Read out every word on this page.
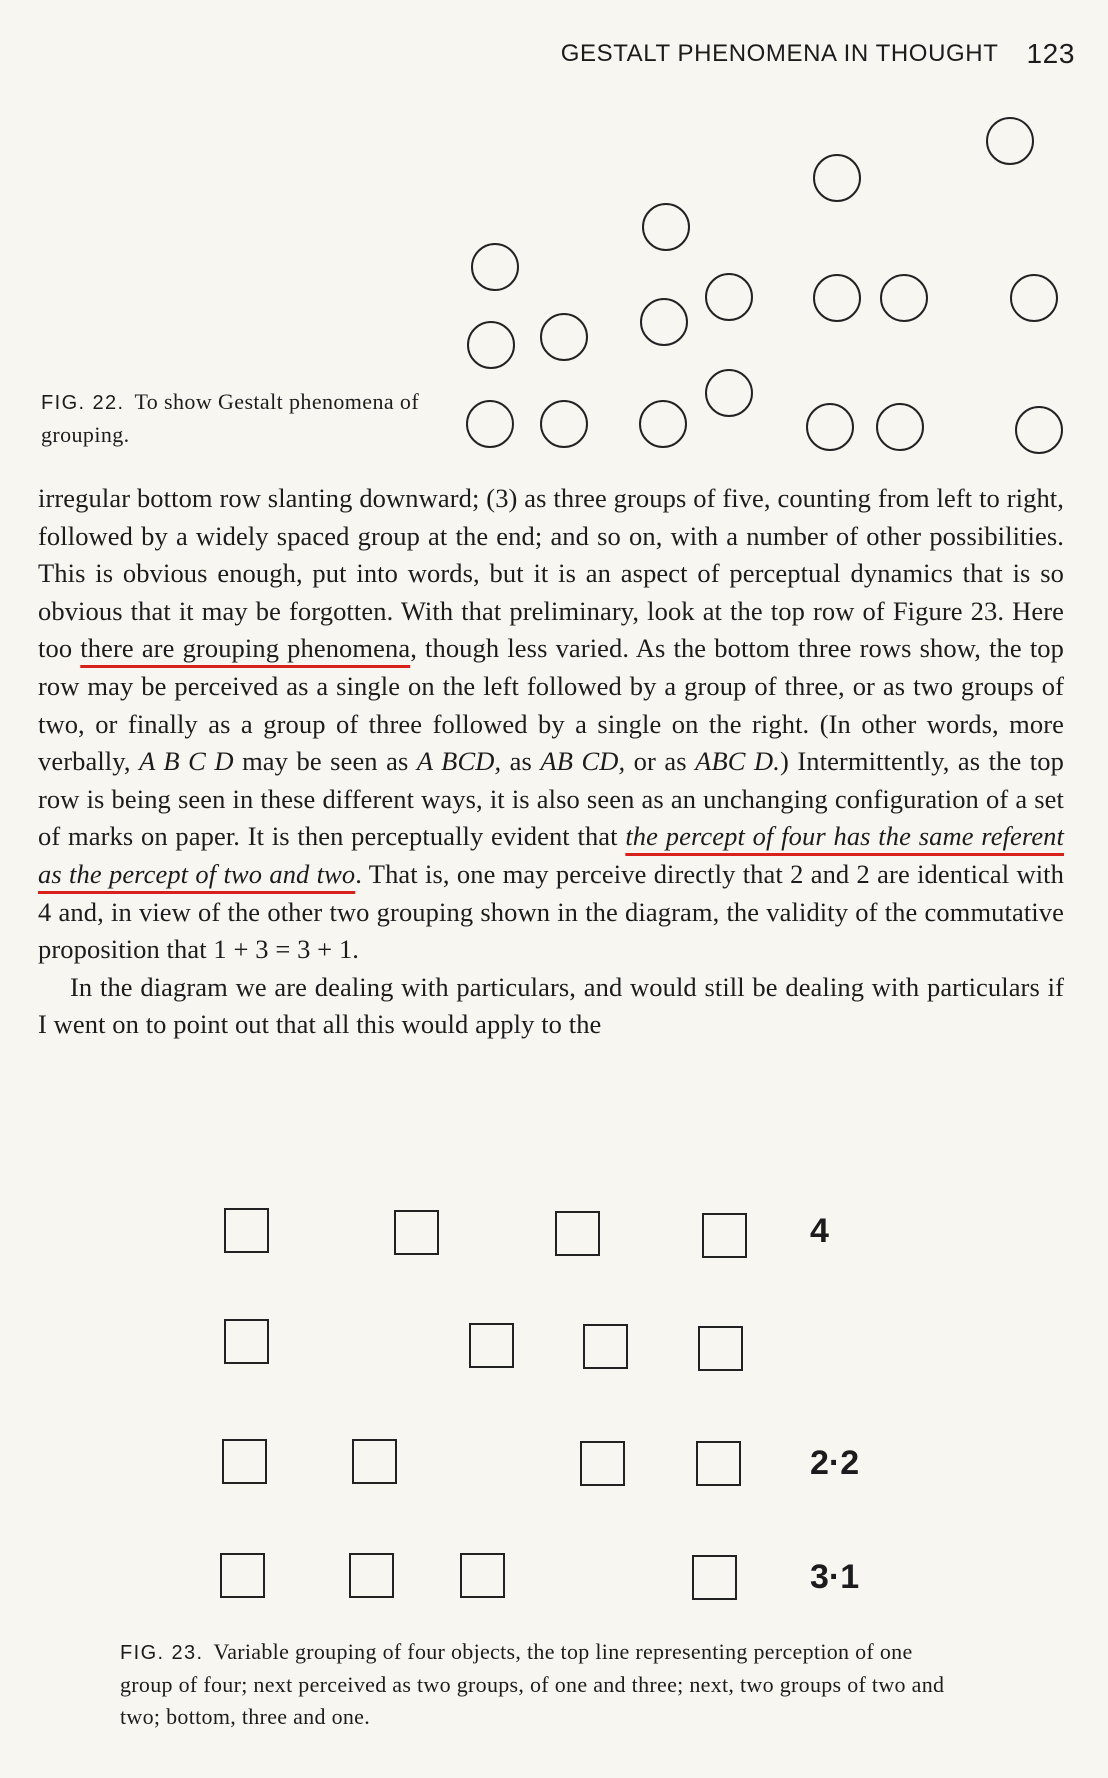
GESTALT PHENOMENA IN THOUGHT 123
FIG. 22. To show Gestalt phenomena of grouping.

irregular bottom row slanting downward; (3) as three groups of five, counting from left to right, followed by a widely spaced group at the end; and so on, with a number of other possibilities. This is obvious enough, put into words, but it is an aspect of perceptual dynamics that is so obvious that it may be forgotten. With that preliminary, look at the top row of Figure 23. Here too there are grouping phenomena, though less varied. As the bottom three rows show, the top row may be perceived as a single on the left followed by a group of three, or as two groups of two, or finally as a group of three followed by a single on the right. (In other words, more verbally, A B C D may be seen as A BCD, as AB CD, or as ABC D.) Intermittently, as the top row is being seen in these different ways, it is also seen as an unchanging configuration of a set of marks on paper. It is then perceptually evident that the percept of four has the same referent as the percept of two and two. That is, one may perceive directly that 2 and 2 are identical with 4 and, in view of the other two grouping shown in the diagram, the validity of the commutative proposition that 1 + 3 = 3 + 1.

In the diagram we are dealing with particulars, and would still be dealing with particulars if I went on to point out that all this would apply to the

4
2·2
3·1
FIG. 23. Variable grouping of four objects, the top line representing perception of one group of four; next perceived as two groups, of one and three; next, two groups of two and two; bottom, three and one.
